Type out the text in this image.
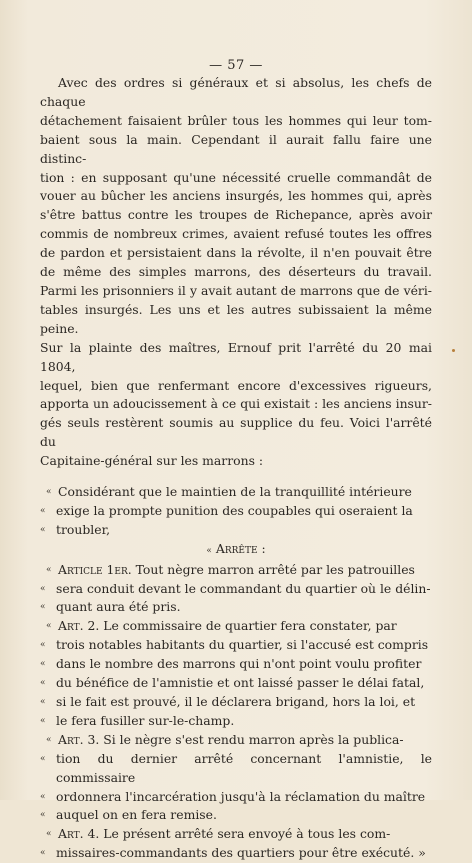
— 57 —

Avec des ordres si généraux et si absolus, les chefs de chaque
détachement faisaient brûler tous les hommes qui leur tom-
baient sous la main. Cependant il aurait fallu faire une distinc-
tion : en supposant qu'une nécessité cruelle commandât de
vouer au bûcher les anciens insurgés, les hommes qui, après
s'être battus contre les troupes de Richepance, après avoir
commis de nombreux crimes, avaient refusé toutes les offres
de pardon et persistaient dans la révolte, il n'en pouvait être
de même des simples marrons, des déserteurs du travail.
Parmi les prisonniers il y avait autant de marrons que de véri-
tables insurgés. Les uns et les autres subissaient la même peine.
Sur la plainte des maîtres, Ernouf prit l'arrêté du 20 mai 1804,
lequel, bien que renfermant encore d'excessives rigueurs,
apporta un adoucissement à ce qui existait : les anciens insur-
gés seuls restèrent soumis au supplice du feu. Voici l'arrêté du
Capitaine-général sur les marrons :

« Considérant que le maintien de la tranquillité intérieure
« exige la prompte punition des coupables qui oseraient la
« troubler,
« Arrête :
« Article 1er. Tout nègre marron arrêté par les patrouilles
« sera conduit devant le commandant du quartier où le délin-
« quant aura été pris.
« Art. 2. Le commissaire de quartier fera constater, par
« trois notables habitants du quartier, si l'accusé est compris
« dans le nombre des marrons qui n'ont point voulu profiter
« du bénéfice de l'amnistie et ont laissé passer le délai fatal,
« si le fait est prouvé, il le déclarera brigand, hors la loi, et
« le fera fusiller sur-le-champ.
« Art. 3. Si le nègre s'est rendu marron après la publica-
« tion du dernier arrêté concernant l'amnistie, le commissaire
« ordonnera l'incarcération jusqu'à la réclamation du maître
« auquel on en fera remise.
« Art. 4. Le présent arrêté sera envoyé à tous les com-
« missaires-commandants des quartiers pour être exécuté. »
